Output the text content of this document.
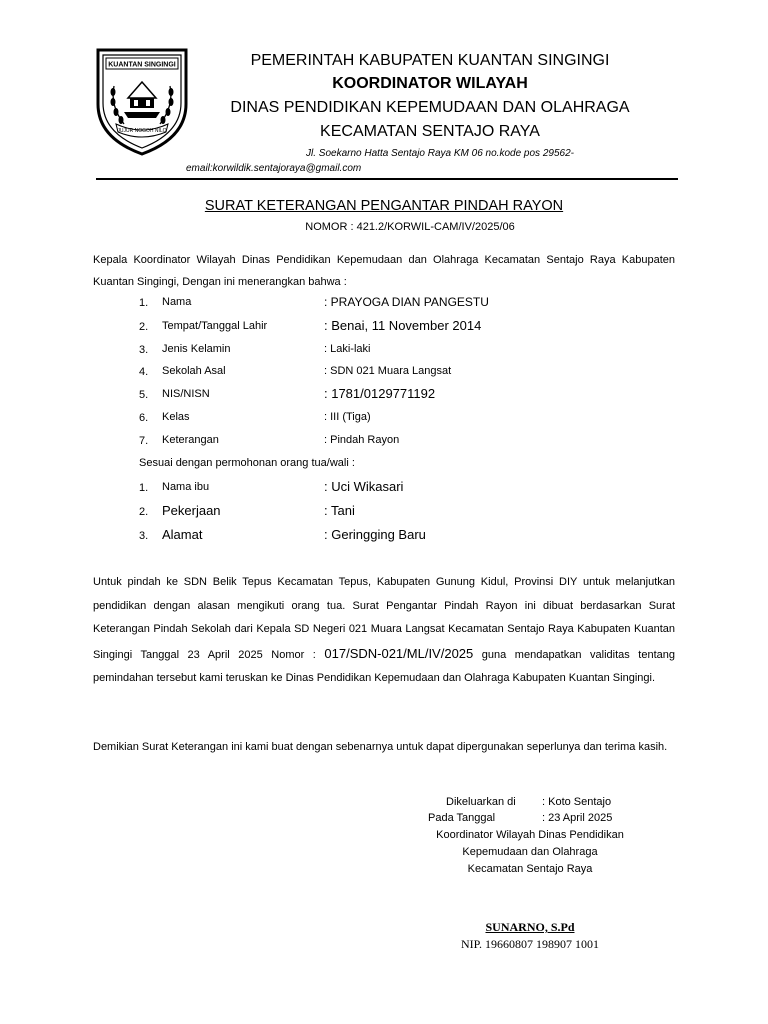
KUANTAN SINGINGI
JUJUR NOGOH NILO
PEMERINTAH KABUPATEN KUANTAN SINGINGI
KOORDINATOR WILAYAH
DINAS PENDIDIKAN KEPEMUDAAN DAN OLAHRAGA
KECAMATAN SENTAJO RAYA
Jl. Soekarno Hatta Sentajo Raya KM 06 no.kode pos 29562-
email:korwildik.sentajoraya@gmail.com
SURAT KETERANGAN PENGANTAR PINDAH RAYON
NOMOR : 421.2/KORWIL-CAM/IV/2025/06
Kepala Koordinator Wilayah Dinas Pendidikan Kepemudaan dan Olahraga Kecamatan Sentajo Raya Kabupaten Kuantan Singingi, Dengan ini menerangkan bahwa :
1. Nama	: PRAYOGA DIAN PANGESTU
2. Tempat/Tanggal Lahir	: Benai, 11 November 2014
3. Jenis Kelamin	: Laki-laki
4. Sekolah Asal	: SDN 021 Muara Langsat
5. NIS/NISN	: 1781/0129771192
6. Kelas	: III (Tiga)
7. Keterangan	: Pindah Rayon
Sesuai dengan permohonan orang tua/wali :
1. Nama ibu	: Uci Wikasari
2. Pekerjaan	: Tani
3. Alamat	: Geringging Baru
Untuk pindah ke SDN Belik Tepus Kecamatan Tepus, Kabupaten Gunung Kidul, Provinsi DIY untuk melanjutkan pendidikan dengan alasan mengikuti orang tua. Surat Pengantar Pindah Rayon ini dibuat berdasarkan Surat Keterangan Pindah Sekolah dari Kepala SD Negeri 021 Muara Langsat Kecamatan Sentajo Raya Kabupaten Kuantan Singingi Tanggal 23 April 2025 Nomor : 017/SDN-021/ML/IV/2025 guna mendapatkan validitas tentang pemindahan tersebut kami teruskan ke Dinas Pendidikan Kepemudaan dan Olahraga Kabupaten Kuantan Singingi.
Demikian Surat Keterangan ini kami buat dengan sebenarnya untuk dapat dipergunakan seperlunya dan terima kasih.
Dikeluarkan di : Koto Sentajo
Pada Tanggal	: 23 April 2025
Koordinator Wilayah Dinas Pendidikan
Kepemudaan dan Olahraga
Kecamatan Sentajo Raya
SUNARNO, S.Pd
NIP. 19660807 198907 1001
